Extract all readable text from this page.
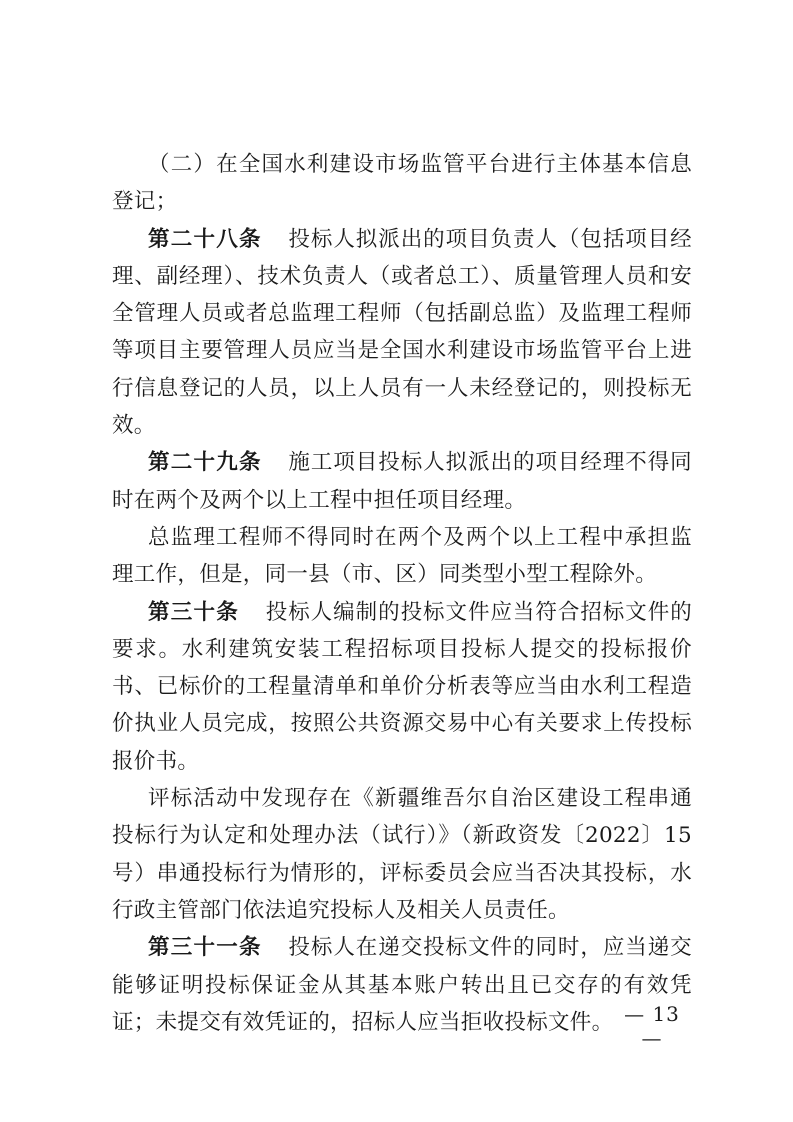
（二）在全国水利建设市场监管平台进行主体基本信息登记；

第二十八条 投标人拟派出的项目负责人（包括项目经理、副经理）、技术负责人（或者总工）、质量管理人员和安全管理人员或者总监理工程师（包括副总监）及监理工程师等项目主要管理人员应当是全国水利建设市场监管平台上进行信息登记的人员，以上人员有一人未经登记的，则投标无效。

第二十九条 施工项目投标人拟派出的项目经理不得同时在两个及两个以上工程中担任项目经理。

总监理工程师不得同时在两个及两个以上工程中承担监理工作，但是，同一县（市、区）同类型小型工程除外。

第三十条 投标人编制的投标文件应当符合招标文件的要求。水利建筑安装工程招标项目投标人提交的投标报价书、已标价的工程量清单和单价分析表等应当由水利工程造价执业人员完成，按照公共资源交易中心有关要求上传投标报价书。

评标活动中发现存在《新疆维吾尔自治区建设工程串通投标行为认定和处理办法（试行）》（新政资发〔2022〕15号）串通投标行为情形的，评标委员会应当否决其投标，水行政主管部门依法追究投标人及相关人员责任。

第三十一条 投标人在递交投标文件的同时，应当递交能够证明投标保证金从其基本账户转出且已交存的有效凭证；未提交有效凭证的，招标人应当拒收投标文件。 — 13 —
